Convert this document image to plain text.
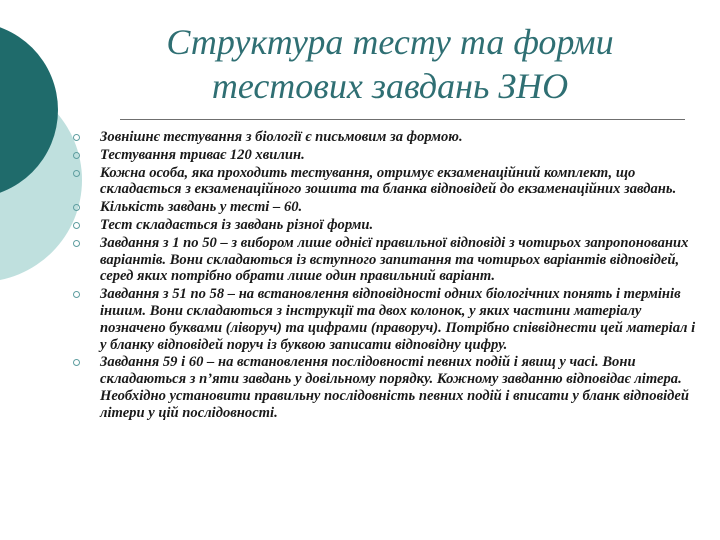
Структура тесту та форми
тестових завдань ЗНО
Зовнішнє тестування з біології є письмовим за формою.
Тестування триває 120 хвилин.
Кожна особа, яка проходить тестування, отримує екзаменаційний комплект, що складається з екзаменаційного зошита та бланка відповідей до екзаменаційних завдань.
Кількість завдань у тесті – 60.
Тест складається із завдань різної форми.
Завдання з 1 по 50 – з вибором лише однієї правильної відповіді з чотирьох запропонованих варіантів. Вони складаються із вступного запитання та чотирьох варіантів відповідей, серед яких потрібно обрати лише один правильний варіант.
Завдання з 51 по 58 – на встановлення відповідності одних біологічних понять і термінів іншим. Вони складаються з інструкції та двох колонок, у яких частини матеріалу позначено буквами (ліворуч) та цифрами (праворуч). Потрібно співвіднести цей матеріал і у бланку відповідей поруч із буквою записати відповідну цифру.
Завдання 59 і 60 – на встановлення послідовності певних подій і явищ у часі. Вони складаються з п’яти завдань у довільному порядку. Кожному завданню відповідає літера. Необхідно установити правильну послідовність певних подій і вписати у бланк відповідей літери у цій послідовності.
